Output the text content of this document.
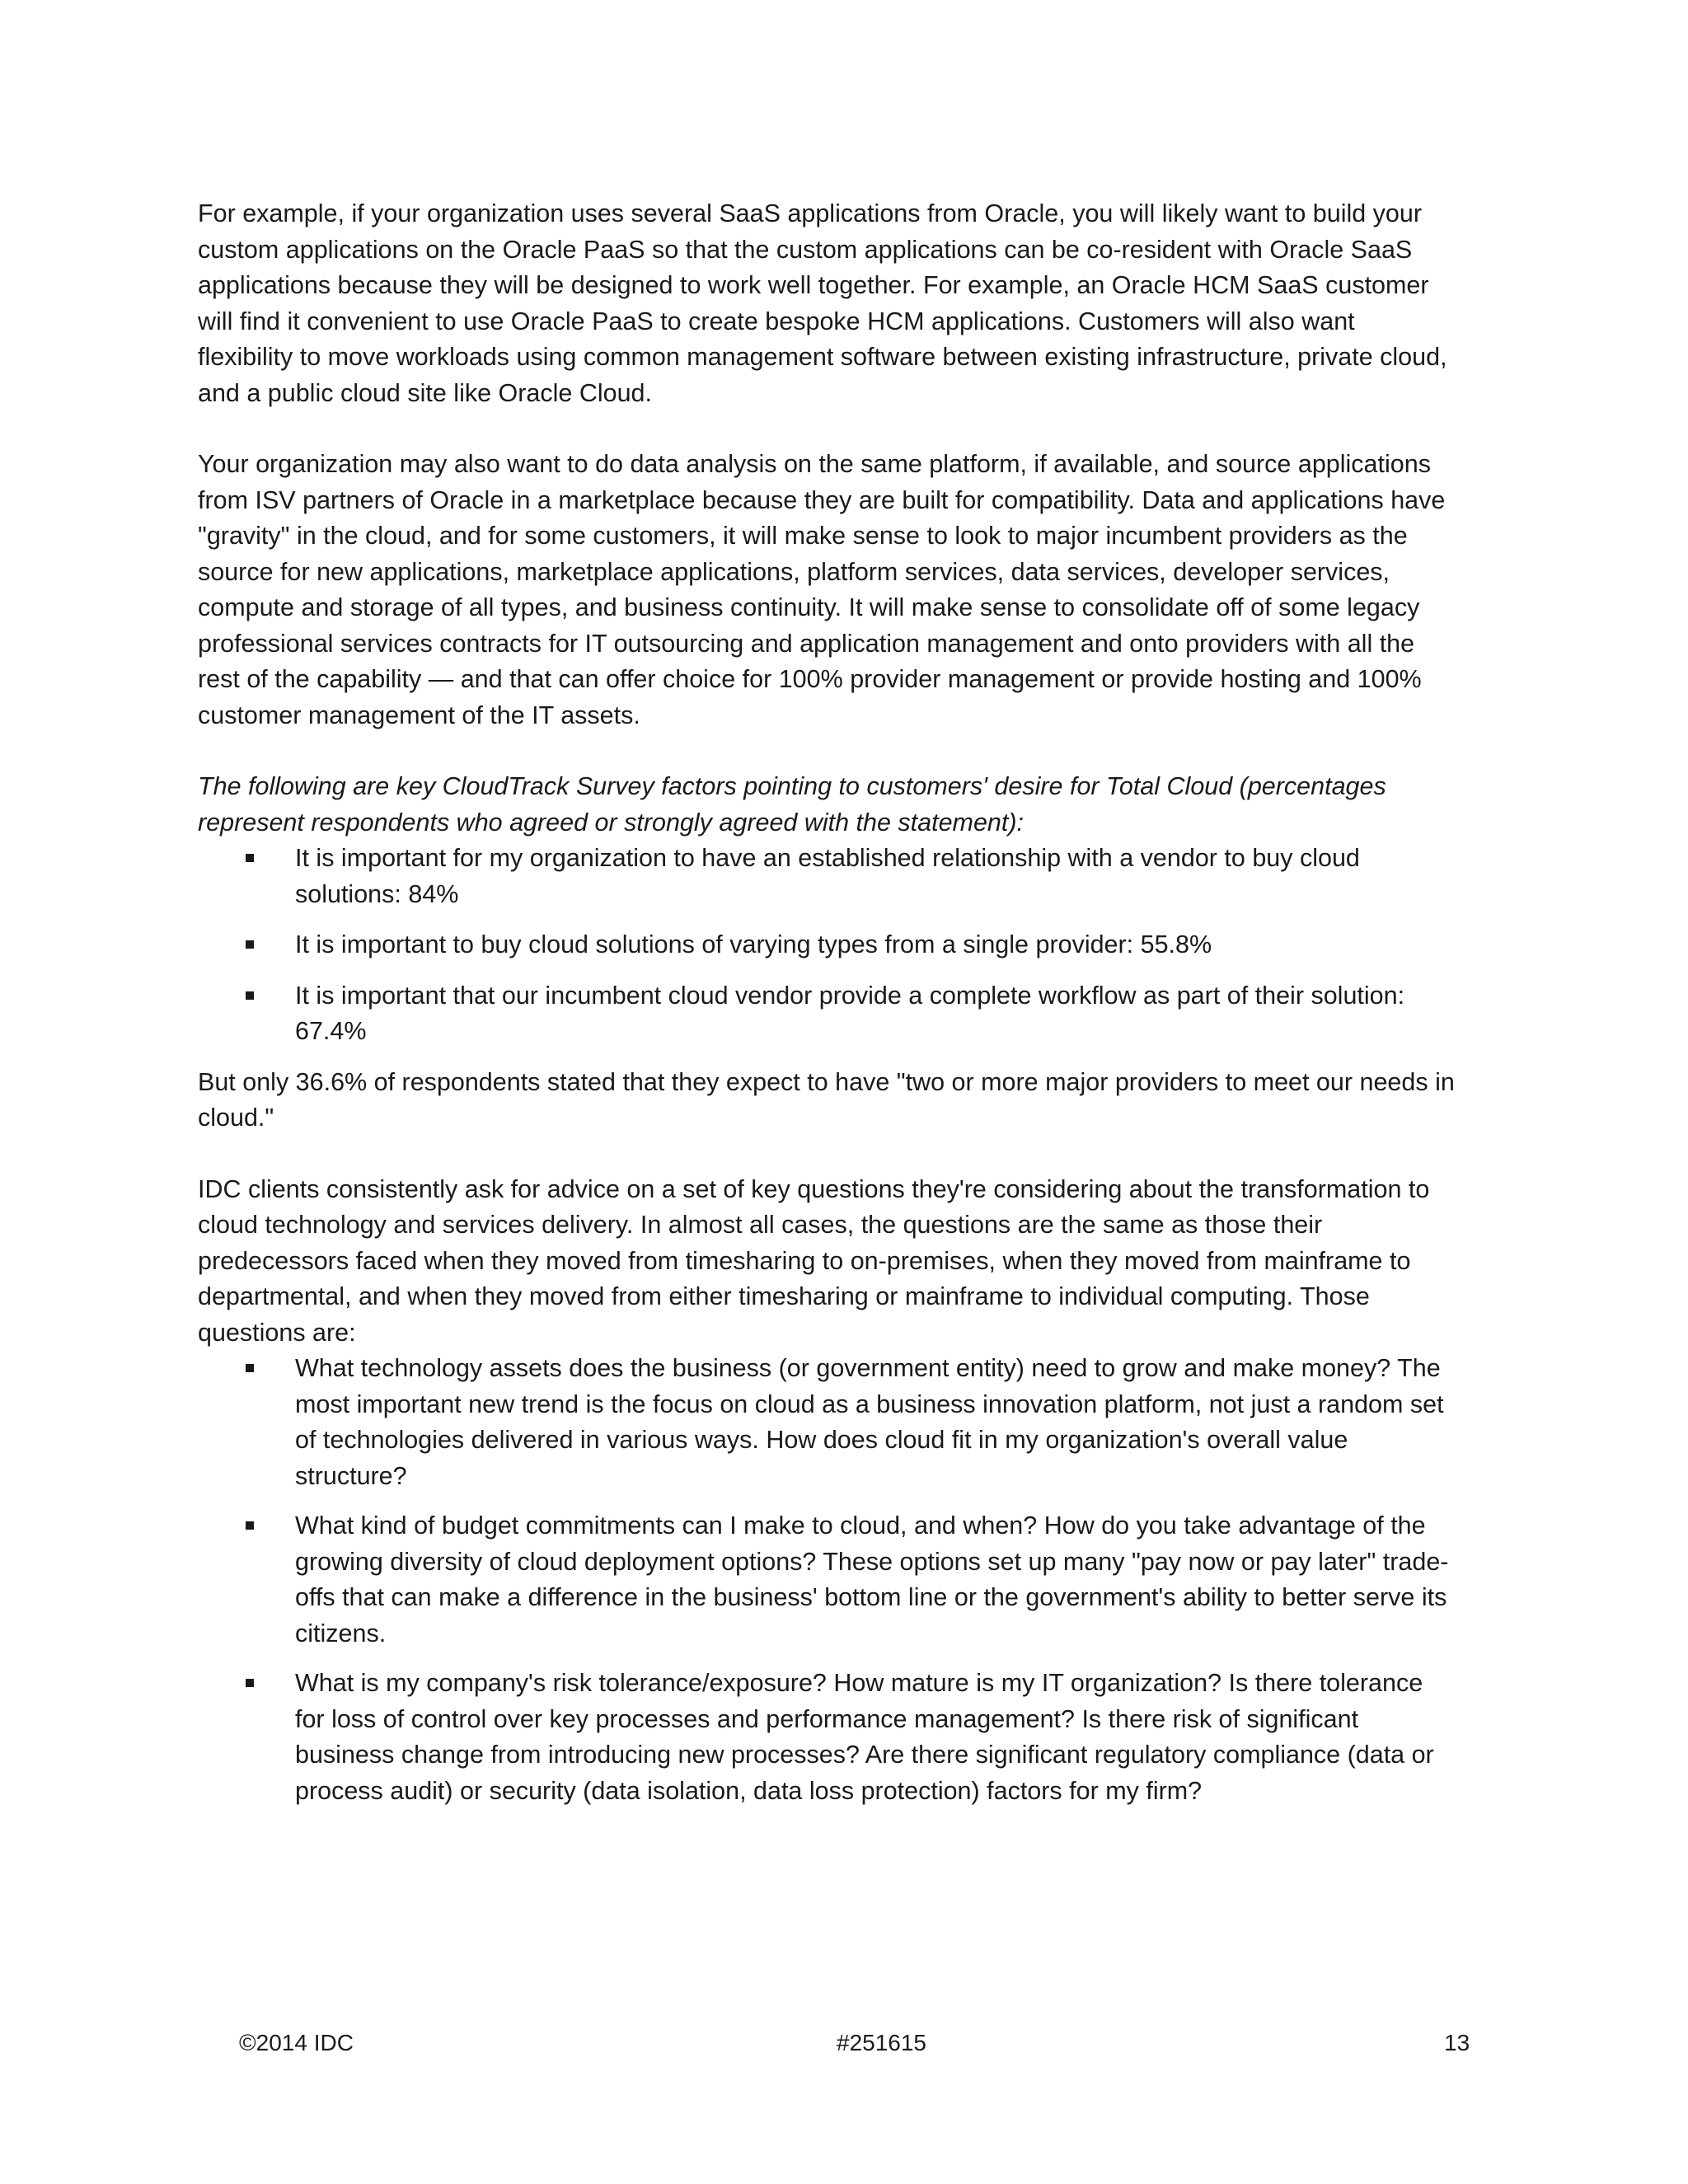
For example, if your organization uses several SaaS applications from Oracle, you will likely want to build your custom applications on the Oracle PaaS so that the custom applications can be co-resident with Oracle SaaS applications because they will be designed to work well together. For example, an Oracle HCM SaaS customer will find it convenient to use Oracle PaaS to create bespoke HCM applications. Customers will also want flexibility to move workloads using common management software between existing infrastructure, private cloud, and a public cloud site like Oracle Cloud.

Your organization may also want to do data analysis on the same platform, if available, and source applications from ISV partners of Oracle in a marketplace because they are built for compatibility. Data and applications have "gravity" in the cloud, and for some customers, it will make sense to look to major incumbent providers as the source for new applications, marketplace applications, platform services, data services, developer services, compute and storage of all types, and business continuity. It will make sense to consolidate off of some legacy professional services contracts for IT outsourcing and application management and onto providers with all the rest of the capability — and that can offer choice for 100% provider management or provide hosting and 100% customer management of the IT assets.

The following are key CloudTrack Survey factors pointing to customers' desire for Total Cloud (percentages represent respondents who agreed or strongly agreed with the statement):

It is important for my organization to have an established relationship with a vendor to buy cloud solutions: 84%
It is important to buy cloud solutions of varying types from a single provider: 55.8%
It is important that our incumbent cloud vendor provide a complete workflow as part of their solution: 67.4%

But only 36.6% of respondents stated that they expect to have "two or more major providers to meet our needs in cloud."

IDC clients consistently ask for advice on a set of key questions they're considering about the transformation to cloud technology and services delivery. In almost all cases, the questions are the same as those their predecessors faced when they moved from timesharing to on-premises, when they moved from mainframe to departmental, and when they moved from either timesharing or mainframe to individual computing. Those questions are:

What technology assets does the business (or government entity) need to grow and make money? The most important new trend is the focus on cloud as a business innovation platform, not just a random set of technologies delivered in various ways. How does cloud fit in my organization's overall value structure?
What kind of budget commitments can I make to cloud, and when? How do you take advantage of the growing diversity of cloud deployment options? These options set up many "pay now or pay later" trade-offs that can make a difference in the business' bottom line or the government's ability to better serve its citizens.
What is my company's risk tolerance/exposure? How mature is my IT organization? Is there tolerance for loss of control over key processes and performance management? Is there risk of significant business change from introducing new processes? Are there significant regulatory compliance (data or process audit) or security (data isolation, data loss protection) factors for my firm?
©2014 IDC	#251615	13
